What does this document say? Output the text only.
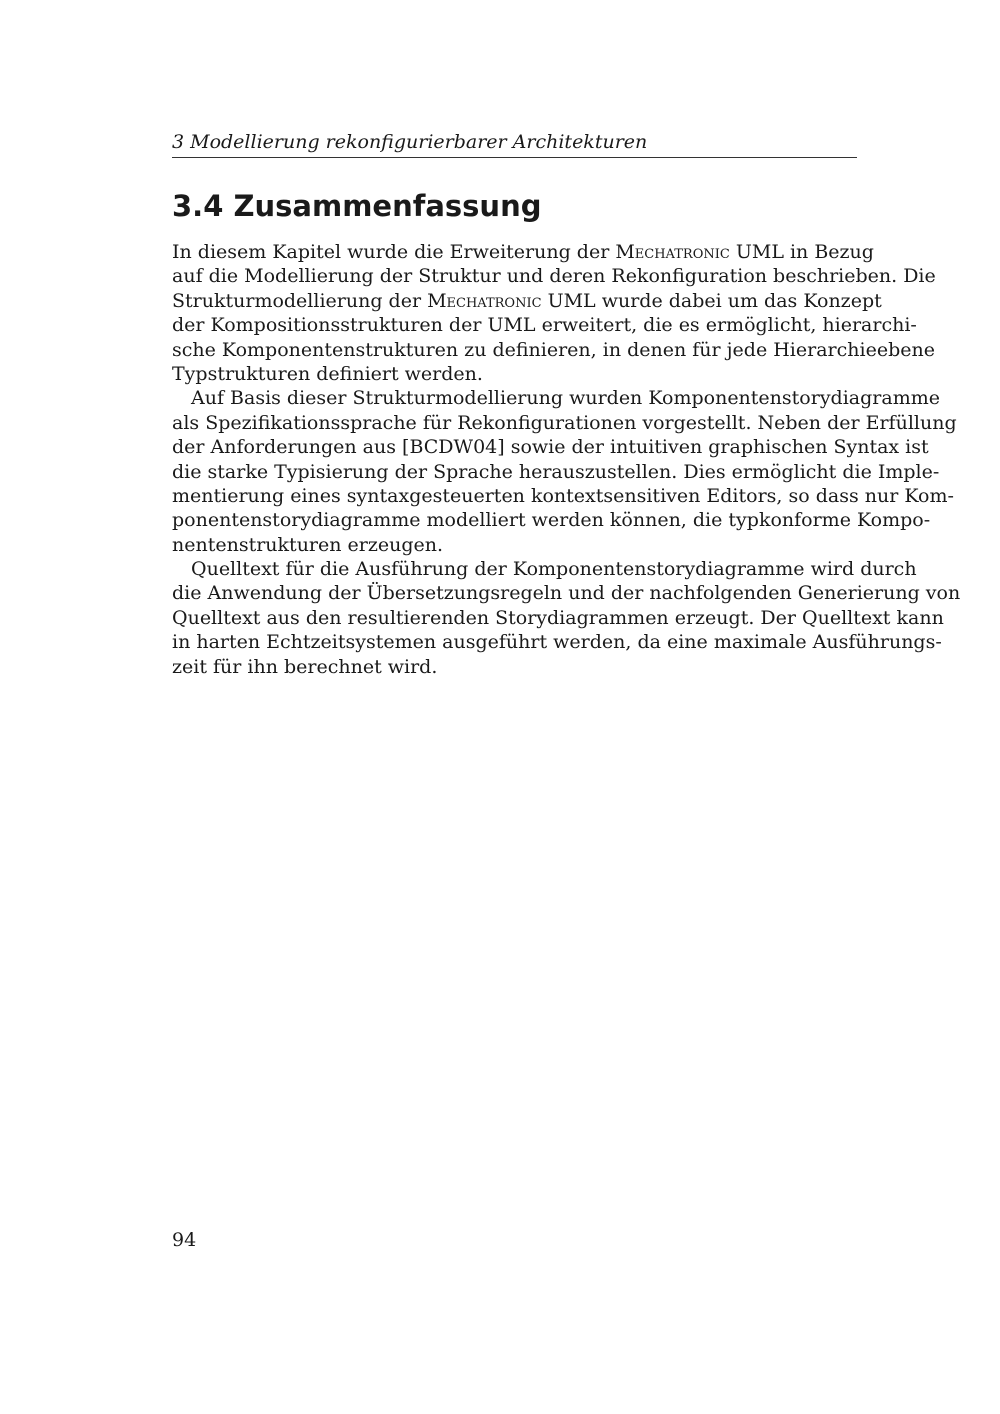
3 Modellierung rekonfigurierbarer Architekturen
3.4 Zusammenfassung

In diesem Kapitel wurde die Erweiterung der Mechatronic UML in Bezug
auf die Modellierung der Struktur und deren Rekonfiguration beschrieben. Die
Strukturmodellierung der Mechatronic UML wurde dabei um das Konzept
der Kompositionsstrukturen der UML erweitert, die es ermöglicht, hierarchi-
sche Komponentenstrukturen zu definieren, in denen für jede Hierarchieebene
Typstrukturen definiert werden.

Auf Basis dieser Strukturmodellierung wurden Komponentenstorydiagramme
als Spezifikationssprache für Rekonfigurationen vorgestellt. Neben der Erfüllung
der Anforderungen aus [BCDW04] sowie der intuitiven graphischen Syntax ist
die starke Typisierung der Sprache herauszustellen. Dies ermöglicht die Imple-
mentierung eines syntaxgesteuerten kontextsensitiven Editors, so dass nur Kom-
ponentenstorydiagramme modelliert werden können, die typkonforme Kompo-
nentenstrukturen erzeugen.

Quelltext für die Ausführung der Komponentenstorydiagramme wird durch
die Anwendung der Übersetzungsregeln und der nachfolgenden Generierung von
Quelltext aus den resultierenden Storydiagrammen erzeugt. Der Quelltext kann
in harten Echtzeitsystemen ausgeführt werden, da eine maximale Ausführungs-
zeit für ihn berechnet wird.

94
